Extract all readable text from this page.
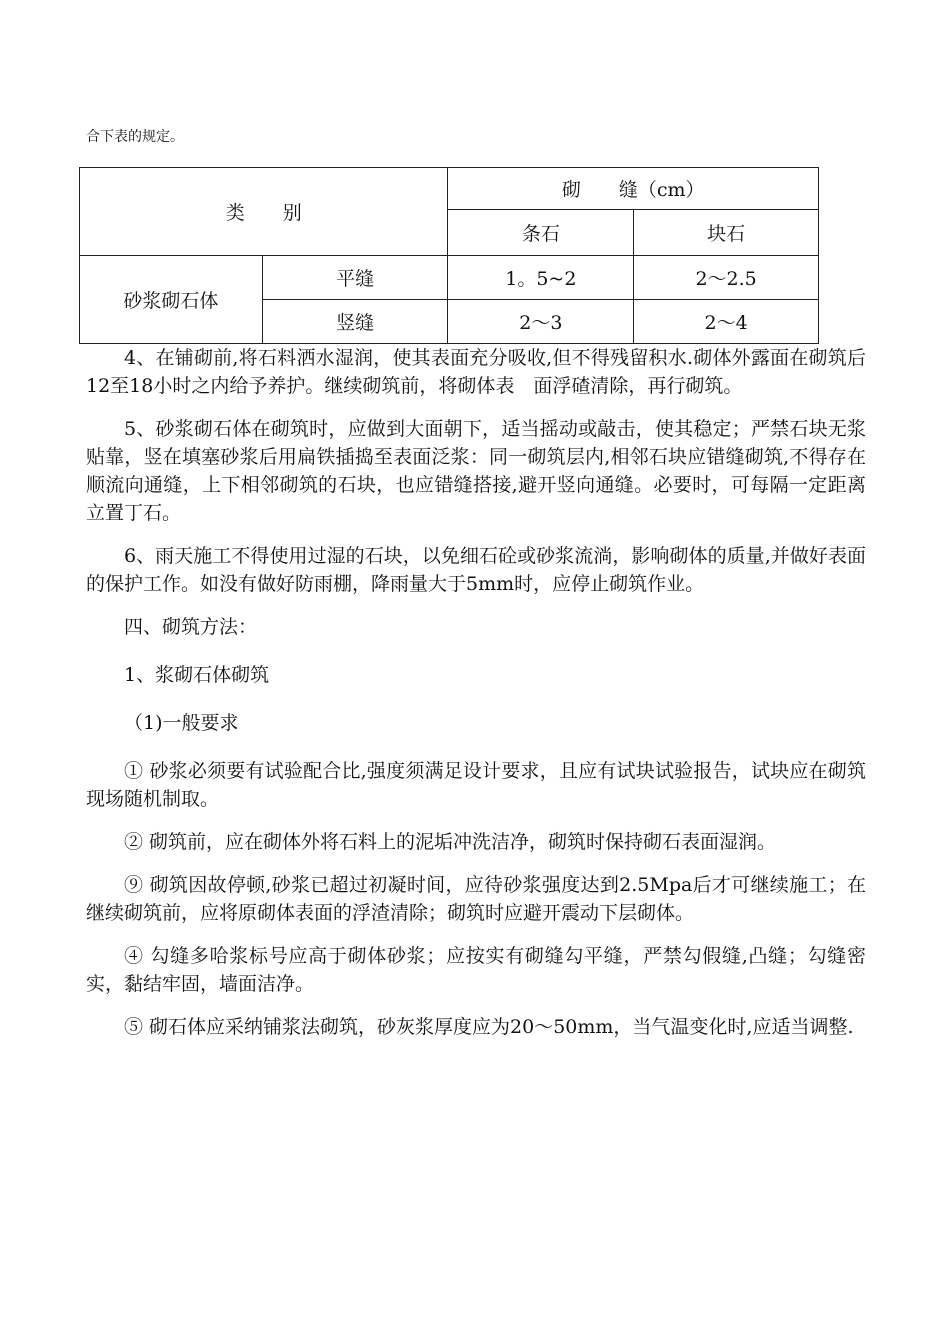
合下表的规定。
类　　别		砌　　缝（cm）	
		条石	块石
砂浆砌石体	平缝	1。5~2	2～2.5
	竖缝	2～3	2～4

4、在铺砌前,将石料洒水湿润，使其表面充分吸收,但不得残留积水.砌体外露面在砌筑后12至18小时之内给予养护。继续砌筑前，将砌体表　面浮碴清除，再行砌筑。

5、砂浆砌石体在砌筑时，应做到大面朝下，适当摇动或敲击，使其稳定；严禁石块无浆贴靠，竖在填塞砂浆后用扁铁插捣至表面泛浆：同一砌筑层内,相邻石块应错缝砌筑,不得存在顺流向通缝，上下相邻砌筑的石块，也应错缝搭接,避开竖向通缝。必要时，可每隔一定距离立置丁石。

6、雨天施工不得使用过湿的石块，以免细石砼或砂浆流淌，影响砌体的质量,并做好表面的保护工作。如没有做好防雨棚，降雨量大于5mm时，应停止砌筑作业。

四、砌筑方法：

1、浆砌石体砌筑

（1)一般要求

① 砂浆必须要有试验配合比,强度须满足设计要求，且应有试块试验报告，试块应在砌筑现场随机制取。

② 砌筑前，应在砌体外将石料上的泥垢冲洗洁净，砌筑时保持砌石表面湿润。

⑨ 砌筑因故停顿,砂浆已超过初凝时间，应待砂浆强度达到2.5Mpa后才可继续施工；在继续砌筑前，应将原砌体表面的浮渣清除；砌筑时应避开震动下层砌体。

④ 勾缝多哈浆标号应高于砌体砂浆；应按实有砌缝勾平缝，严禁勾假缝,凸缝；勾缝密实，黏结牢固，墙面洁净。

⑤ 砌石体应采纳铺浆法砌筑，砂灰浆厚度应为20～50mm，当气温变化时,应适当调整.
